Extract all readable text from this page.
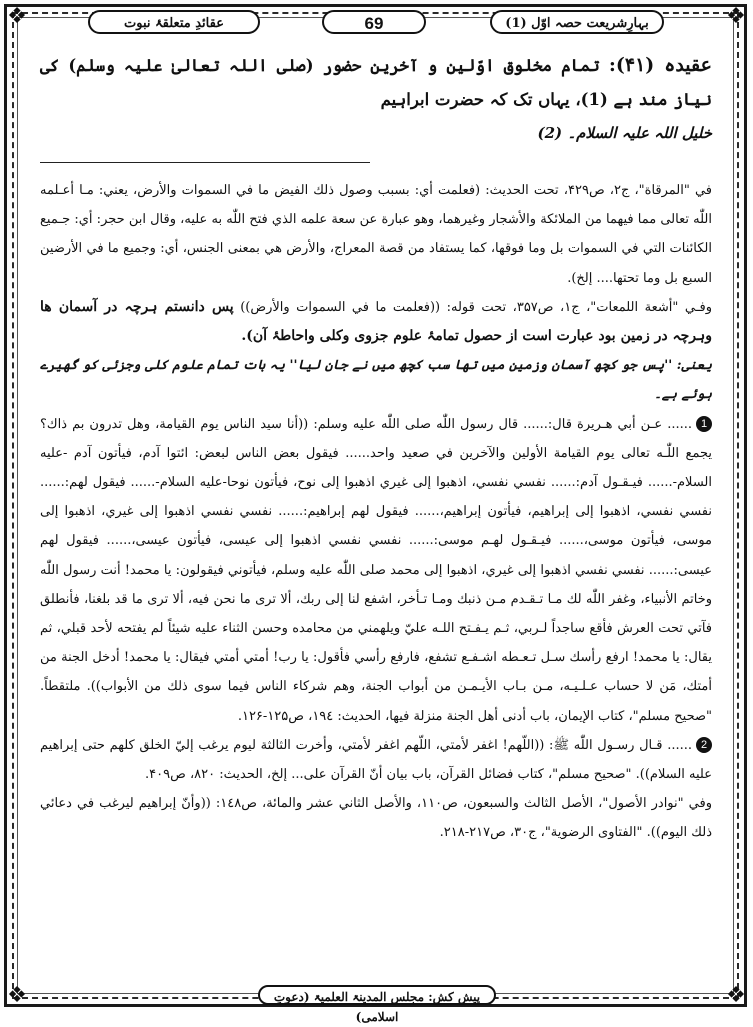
❖	❖
❖	❖
عقائدِ متعلقۂ نبوت	69	بہارِشریعت حصہ اوّل (1)
عقیدہ (۴۱): تمام مخلوق اوّلین و آخرین حضور (صلی اللہ تعالیٰ علیہ وسلم) کی نیاز مند ہے (1)، یہاں تک کہ حضرت ابراہیم
خلیل اللہ علیہ السلام۔ (2)

في "المرقاة"، ج۲، ص۴۲۹، تحت الحديث: (فعلمت أي: بسبب وصول ذلك الفيض ما في السموات والأرض، يعني: مـا أعـلمه اللّٰه تعالى مما فيهما من الملائكة والأشجار وغيرهما، وهو عبارة عن سعة علمه الذي فتح اللّٰه به عليه، وقال ابن حجر: أي: جـميع الكائنات التي في السموات بل وما فوقها، كما يستفاد من قصة المعراج، والأرض هي بمعنى الجنس، أي: وجميع ما في الأرضين السبع بل وما تحتها.... إلخ).

وفـي "أشعة اللمعات"، ج۱، ص۳۵۷، تحت قوله: ((فعلمت ما في السموات والأرض)) پس دانستم ہرچہ در آسمان ھا وہرچہ در زمین بود عبارت است از حصول تمامۂ علوم جزوی وکلی واحاطۂ آن).

یعنی: ''پس جو کچھ آسمان وزمین میں تھا سب کچھ میں نے جان لیا'' یہ بات تمام علوم کلی وجزئی کو گھیرے ہوئے ہے۔

1...... عـن أبي هـريرة قال:...... قال رسول اللّٰه صلى اللّٰه عليه وسلم: ((أنا سيد الناس يوم القيامة، وهل تدرون بم ذاك؟ يجمع اللّٰـه تعالى يوم القيامة الأولين والآخرين في صعيد واحد...... فيقول بعض الناس لبعض: ائتوا آدم، فيأتون آدم -عليه السلام-...... فيـقـول آدم:...... نفسي نفسي، اذهبوا إلى غيري اذهبوا إلى نوح، فيأتون نوحا-عليه السلام-...... فيقول لهم:...... نفسي نفسي، اذهبوا إلى إبراهيم، فيأتون إبراهيم،...... فيقول لهم إبراهيم:...... نفسي نفسي اذهبوا إلى غيري، اذهبوا إلى موسى، فيأتون موسى،...... فيـقـول لهـم موسى:...... نفسي نفسي اذهبوا إلى عيسى، فيأتون عيسى،...... فيقول لهم عيسى:...... نفسي نفسي اذهبوا إلى غيري، اذهبوا إلى محمد صلى اللّٰه عليه وسلم، فيأتوني فيقولون: يا محمد! أنت رسول اللّٰه وخاتم الأنبياء، وغفر اللّٰه لك مـا تـقـدم مـن ذنبك ومـا تـأخر، اشفع لنا إلى ربك، ألا ترى ما نحن فيه، ألا ترى ما قد بلغنا، فأنطلق فآتي تحت العرش فأقع ساجداً لـربي، ثـم يـفـتح اللـه عليّ ويلهمني من محامده وحسن الثناء عليه شيئاً لم يفتحه لأحد قبلي، ثم يقال: يا محمد! ارفع رأسك سـل تـعـطه اشـفـع تشفع، فارفع رأسي فأقول: يا رب! أمتي أمتي فيقال: يا محمد! أدخل الجنة من أمتك، مَن لا حساب عـلـيـه، مـن بـاب الأيـمـن من أبواب الجنة، وهم شركاء الناس فيما سوى ذلك من الأبواب)). ملتقطاً. "صحيح مسلم"، كتاب الإيمان، باب أدنى أهل الجنة منزلة فيها، الحديث: ۱۹٤، ص۱۲۵-۱۲۶.

2...... قـال رسـول اللّٰه ﷺ: ((اللّهم! اغفر لأمتي، اللّهم اغفر لأمتي، وأخرت الثالثة ليوم يرغب إليّ الخلق كلهم حتى إبراهيم عليه السلام)). "صحيح مسلم"، كتاب فضائل القرآن، باب بيان أنّ القرآن على... إلخ، الحديث: ۸۲۰، ص۴۰۹.

وفي "نوادر الأصول"، الأصل الثالث والسبعون، ص۱۱۰، والأصل الثاني عشر والمائة، ص۱٤۸: ((وأنّ إبراهيم ليرغب في دعائي ذلك اليوم)). "الفتاوى الرضوية"، ج۳۰، ص۲۱۷-۲۱۸.

پیش کش: مجلس المدینۃ العلمیۃ (دعوتِ اسلامی)
